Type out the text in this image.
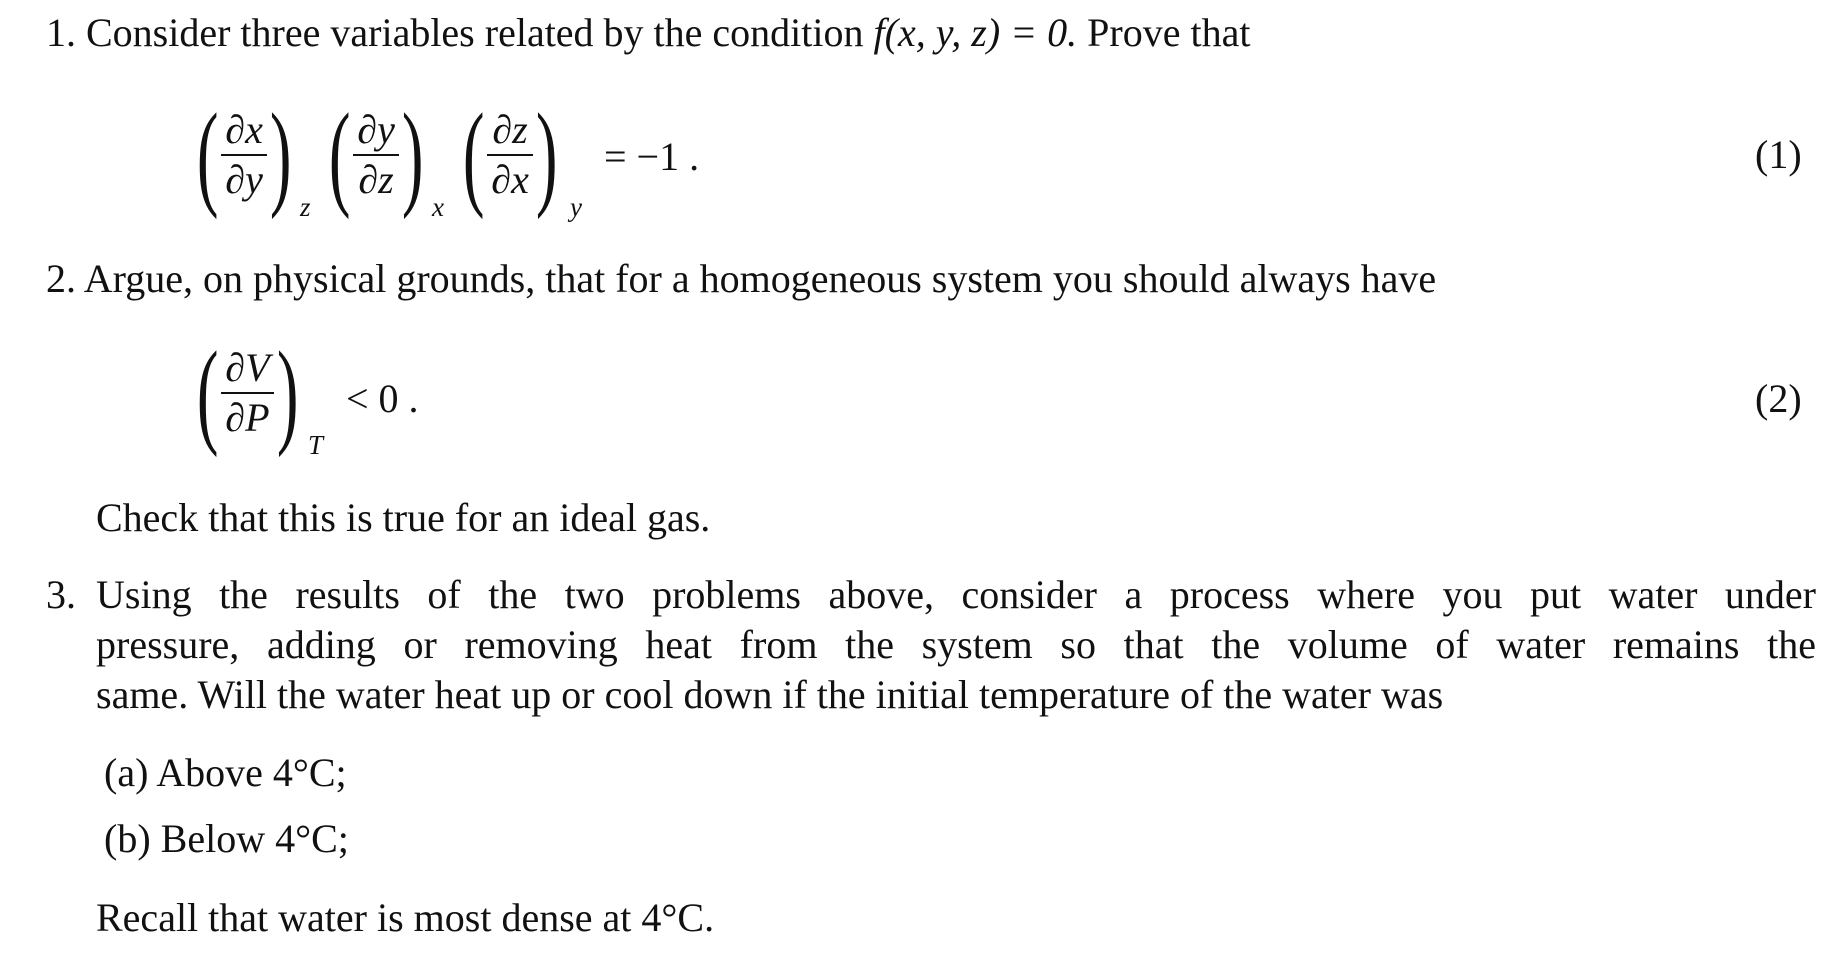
1. Consider three variables related by the condition f(x, y, z) = 0. Prove that
( $\frac{\partial x}{\partial y}$ ) z ( $\frac{\partial y}{\partial z}$ ) x ( $\frac{\partial z}{\partial x}$ ) y
= −1 .	(1)
2. Argue, on physical grounds, that for a homogeneous system you should always have
( $\frac{\partial V}{\partial P}$ ) T
< 0 .	(2)
Check that this is true for an ideal gas.
3. Using the results of the two problems above, consider a process where you put water under
pressure, adding or removing heat from the system so that the volume of water remains the
same. Will the water heat up or cool down if the initial temperature of the water was
(a) Above 4°C;
(b) Below 4°C;
Recall that water is most dense at 4°C.
